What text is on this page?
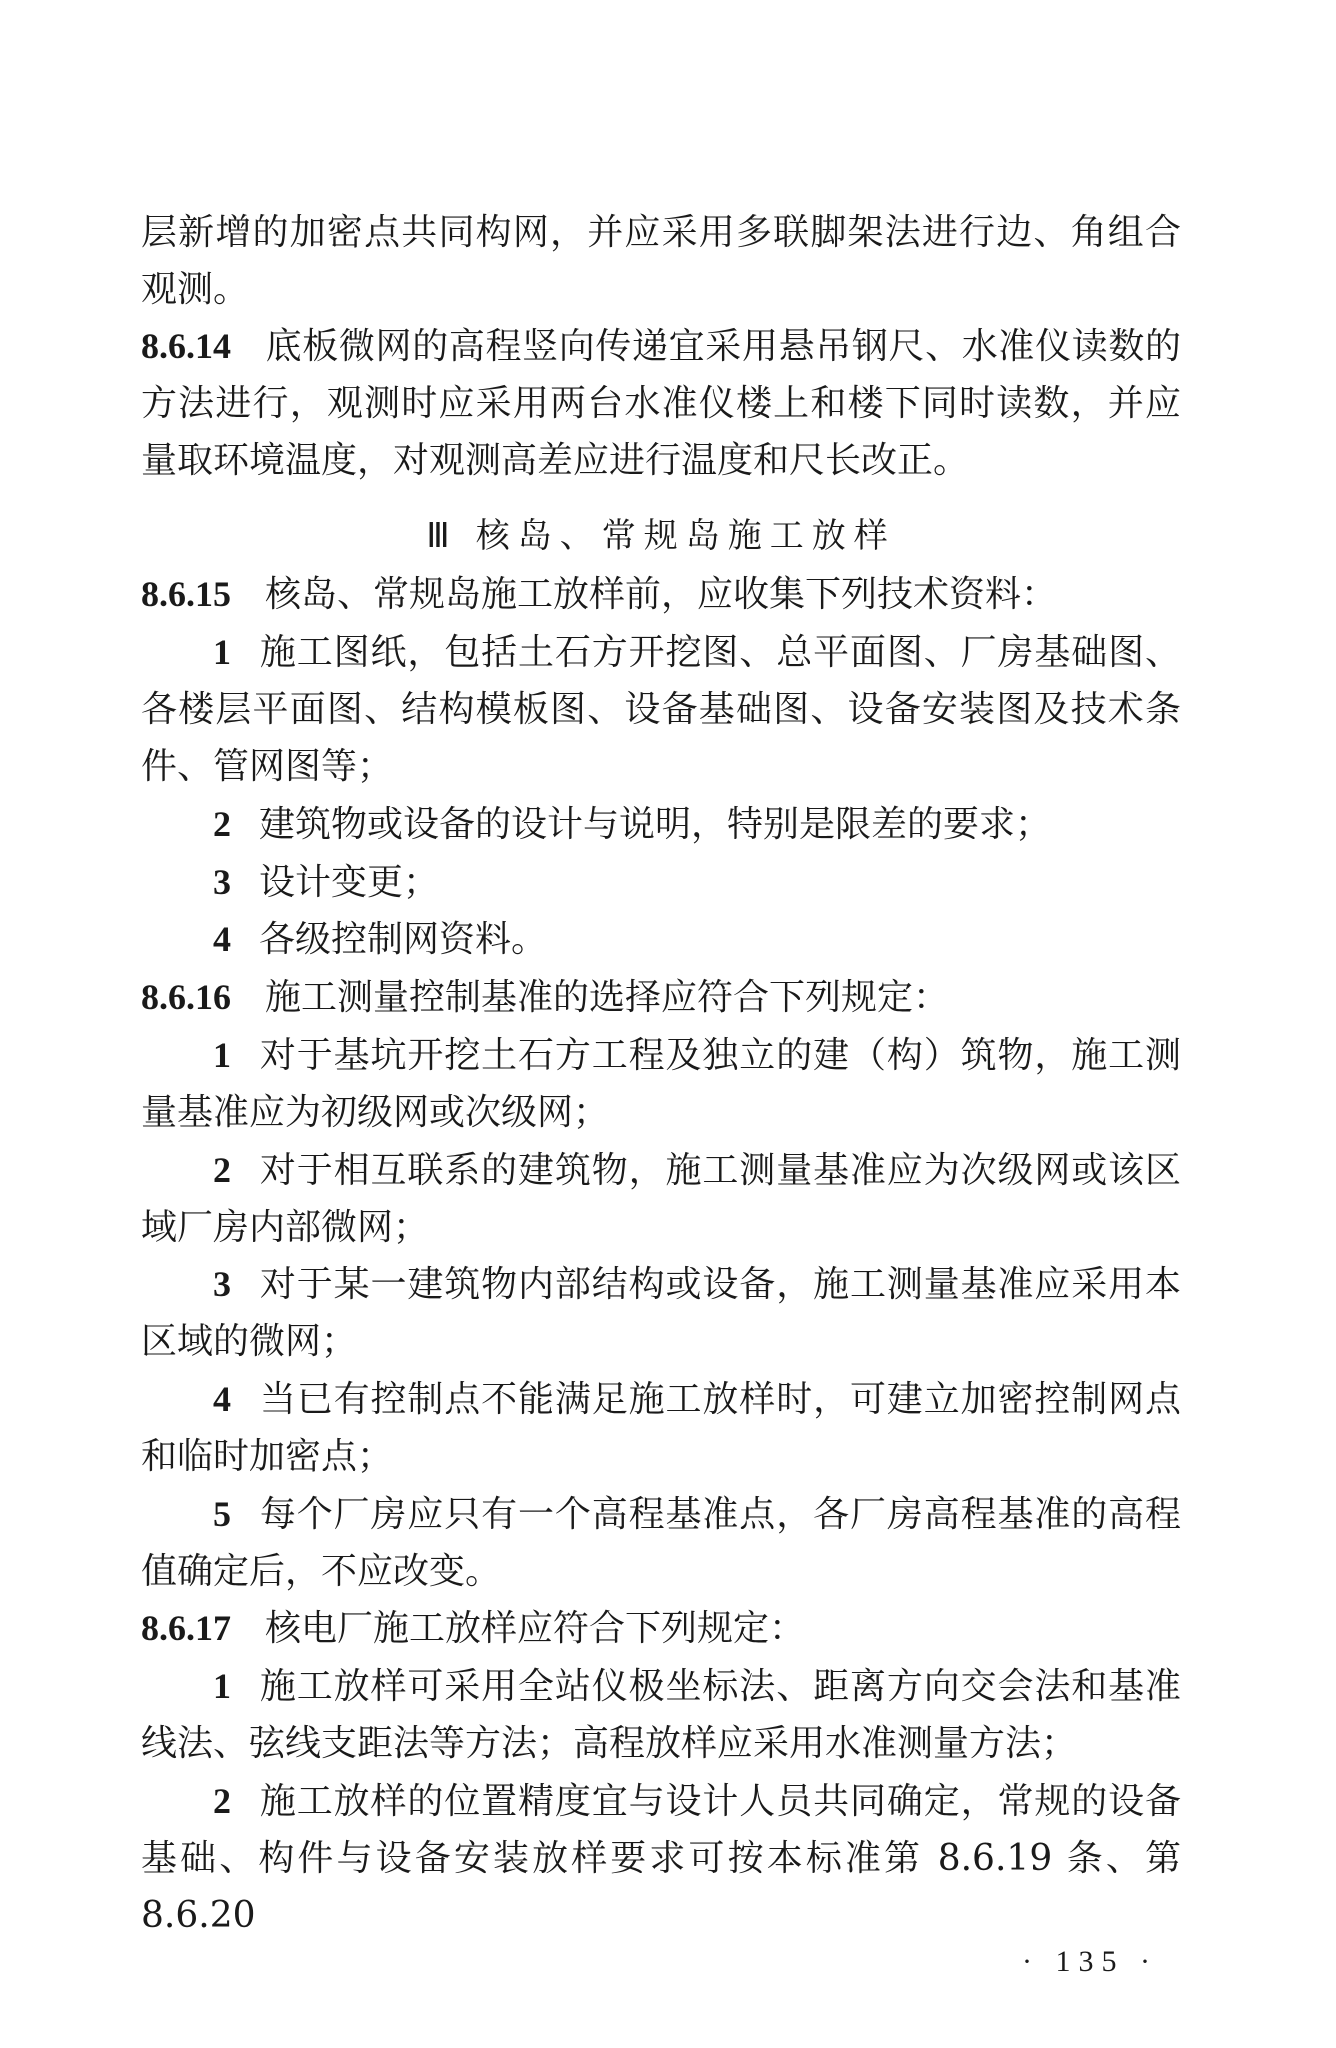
层新增的加密点共同构网，并应采用多联脚架法进行边、角组合观测。
8.6.14 底板微网的高程竖向传递宜采用悬吊钢尺、水准仪读数的方法进行，观测时应采用两台水准仪楼上和楼下同时读数，并应量取环境温度，对观测高差应进行温度和尺长改正。
Ⅲ 核岛、常规岛施工放样
8.6.15 核岛、常规岛施工放样前，应收集下列技术资料：
1 施工图纸，包括土石方开挖图、总平面图、厂房基础图、各楼层平面图、结构模板图、设备基础图、设备安装图及技术条件、管网图等；
2 建筑物或设备的设计与说明，特别是限差的要求；
3 设计变更；
4 各级控制网资料。
8.6.16 施工测量控制基准的选择应符合下列规定：
1 对于基坑开挖土石方工程及独立的建（构）筑物，施工测量基准应为初级网或次级网；
2 对于相互联系的建筑物，施工测量基准应为次级网或该区域厂房内部微网；
3 对于某一建筑物内部结构或设备，施工测量基准应采用本区域的微网；
4 当已有控制点不能满足施工放样时，可建立加密控制网点和临时加密点；
5 每个厂房应只有一个高程基准点，各厂房高程基准的高程值确定后，不应改变。
8.6.17 核电厂施工放样应符合下列规定：
1 施工放样可采用全站仪极坐标法、距离方向交会法和基准线法、弦线支距法等方法；高程放样应采用水准测量方法；
2 施工放样的位置精度宜与设计人员共同确定，常规的设备基础、构件与设备安装放样要求可按本标准第 8.6.19 条、第 8.6.20
· 135 ·
